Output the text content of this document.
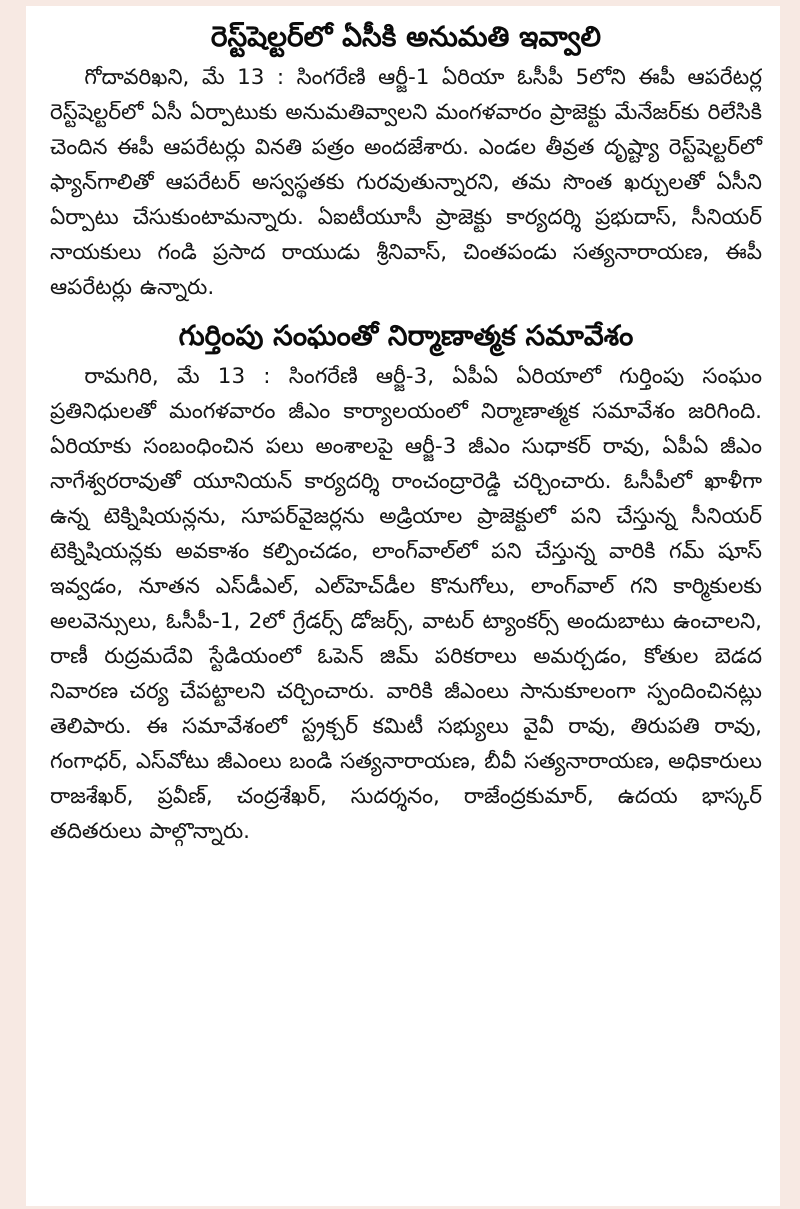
రెస్ట్‌షెల్టర్‌లో ఏసీకి అనుమతి ఇవ్వాలి

గోదావరిఖని, మే 13 : సింగరేణి ఆర్జీ-1 ఏరియా ఓసీపీ 5లోని ఈపీ ఆపరేటర్ల రెస్ట్‌షెల్టర్‌లో ఏసీ ఏర్పాటుకు అనుమతివ్వాలని మంగళవారం ప్రాజెక్టు మేనేజర్‌కు రిలేసికి చెందిన ఈపీ ఆపరేటర్లు వినతి పత్రం అందజేశారు. ఎండల తీవ్రత దృష్ట్యా రెస్ట్‌షెల్టర్‌లో ఫ్యాన్‌గాలితో ఆపరేటర్ అస్వస్థతకు గురవుతున్నారని, తమ సొంత ఖర్చులతో ఏసీని ఏర్పాటు చేసుకుంటామన్నారు. ఏఐటీయూసీ ప్రాజెక్టు కార్యదర్శి ప్రభుదాస్, సీనియర్ నాయకులు గండి ప్రసాద రాయుడు శ్రీనివాస్, చింతపండు సత్యనారాయణ, ఈపీ ఆపరేటర్లు ఉన్నారు.

గుర్తింపు సంఘంతో నిర్మాణాత్మక సమావేశం

రామగిరి, మే 13 : సింగరేణి ఆర్జీ-3, ఏపీఏ ఏరియాలో గుర్తింపు సంఘం ప్రతినిధులతో మంగళవారం జీఎం కార్యాలయంలో నిర్మాణాత్మక సమావేశం జరిగింది. ఏరియాకు సంబంధించిన పలు అంశాలపై ఆర్జీ-3 జీఎం సుధాకర్ రావు, ఏపీఏ జీఎం నాగేశ్వరరావుతో యూనియన్ కార్యదర్శి రాంచంద్రారెడ్డి చర్చించారు. ఓసీపీలో ఖాళీగా ఉన్న టెక్నిషియన్లను, సూపర్‌వైజర్లను అడ్రియాల ప్రాజెక్టులో పని చేస్తున్న సీనియర్ టెక్నిషియన్లకు అవకాశం కల్పించడం, లాంగ్‌వాల్‌లో పని చేస్తున్న వారికి గమ్ షూస్ ఇవ్వడం, నూతన ఎస్‌డీఎల్, ఎల్‌హెచ్‌డీల కొనుగోలు, లాంగ్‌వాల్ గని కార్మికులకు అలవెన్సులు, ఓసీపీ-1, 2లో గ్రేడర్స్ డోజర్స్, వాటర్ ట్యాంకర్స్ అందుబాటు ఉంచాలని, రాణీ రుద్రమదేవి స్టేడియంలో ఓపెన్ జిమ్ పరికరాలు అమర్చడం, కోతుల బెడద నివారణ చర్య చేపట్టాలని చర్చించారు. వారికి జీఎంలు సానుకూలంగా స్పందించినట్లు తెలిపారు. ఈ సమావేశంలో స్ట్రక్చర్ కమిటీ సభ్యులు వైవీ రావు, తిరుపతి రావు, గంగాధర్, ఎస్‌వోటు జీఎంలు బండి సత్యనారాయణ, బీవీ సత్యనారాయణ, అధికారులు రాజశేఖర్, ప్రవీణ్, చంద్రశేఖర్, సుదర్శనం, రాజేంద్రకుమార్, ఉదయ భాస్కర్ తదితరులు పాల్గొన్నారు.
